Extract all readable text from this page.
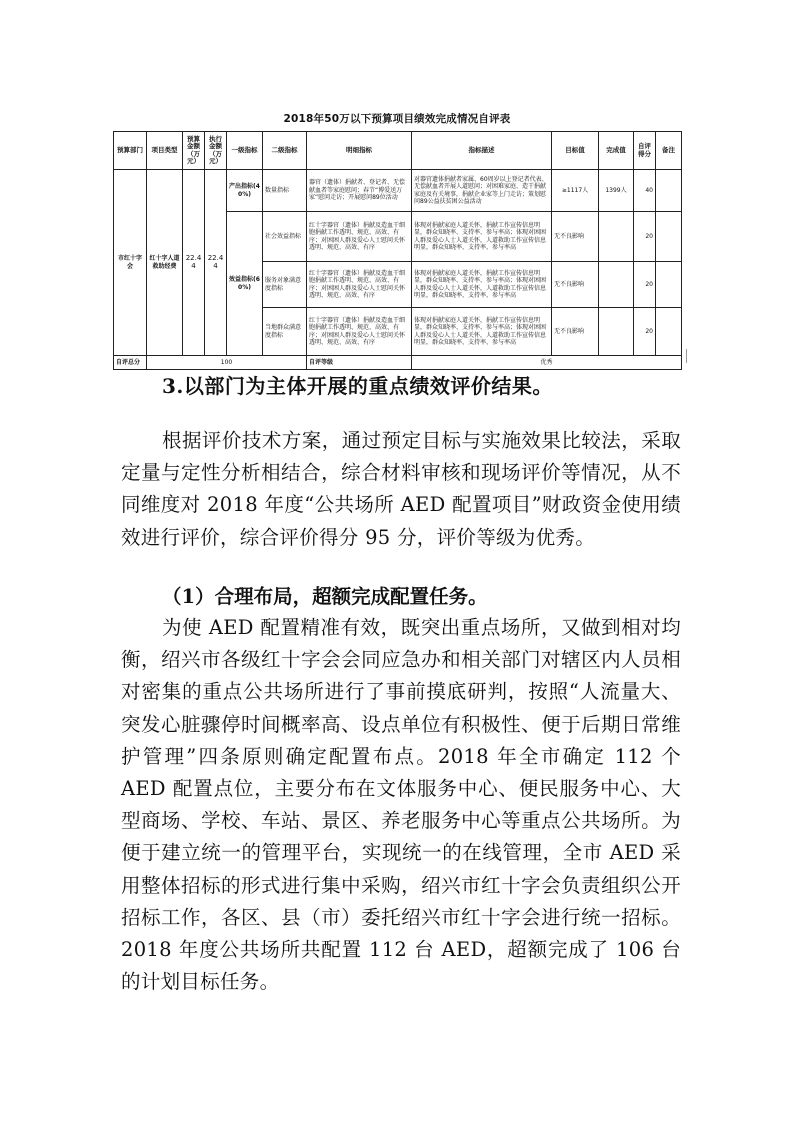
2018年50万以下预算项目绩效完成情况自评表
预算部门	项目类型	预算金额（万元）	执行金额（万元）	一级指标	二级指标	明细指标	指标描述	目标值	完成值	自评得分	备注
市红十字会	红十字人道救助经费	22.44	22.44	产出指标(40%)	数量指标	器官（遗体）捐献者、登记者、无偿献血者等家庭慰问；春节“博爱送万家”慰问走访；开展慰问89位活动	对器官遗体捐献者家属、60周岁以上登记者代表、无偿献血者开展人道慰问；对困难家庭、造干捐献家庭及有关境事，捐献企业家等上门走访；策划慰问89公益扶贫困公益活动	≥1117人	1399人	40	
				效益指标(60%)	社会效益指标	红十字器官（遗体）捐献及造血干细胞捐献工作透明、规范、高效、有序；对困困人群及爱心人士慰问关怀透明、规范、高效、有序	体现对捐献家庭人道关怀，捐献工作宣传信息明显，群众知晓率、支持率、参与率高；体现对困困人群及爱心人士人道关怀，人道救助工作宣传信息明显，群众知晓率、支持率、参与率高	无不良影响		20	
					服务对象满意度指标	红十字器官（遗体）捐献及造血干细胞捐献工作透明、规范、高效、有序；对困困人群及爱心人士慰问关怀透明、规范、高效、有序	体现对捐献家庭人道关怀，捐献工作宣传信息明显，群众知晓率、支持率、参与率高；体现对困困人群及爱心人士人道关怀，人道救助工作宣传信息明显，群众知晓率、支持率、参与率高	无不良影响		20	
					当地群众满意度指标	红十字器官（遗体）捐献及造血干细胞捐献工作透明、规范、高效、有序；对困困人群及爱心人士慰问关怀透明、规范、高效、有序	体现对捐献家庭人道关怀，捐献工作宣传信息明显，群众知晓率、支持率、参与率高；体现对困困人群及爱心人士人道关怀，人道救助工作宣传信息明显，群众知晓率、支持率、参与率高	无不良影响		20	
自评总分	100					自评等级	优秀				
3.以部门为主体开展的重点绩效评价结果。
根据评价技术方案，通过预定目标与实施效果比较法，采取定量与定性分析相结合，综合材料审核和现场评价等情况，从不同维度对 2018 年度“公共场所 AED 配置项目”财政资金使用绩效进行评价，综合评价得分 95 分，评价等级为优秀。
（1）合理布局，超额完成配置任务。
为使 AED 配置精准有效，既突出重点场所，又做到相对均衡，绍兴市各级红十字会会同应急办和相关部门对辖区内人员相对密集的重点公共场所进行了事前摸底研判，按照“人流量大、突发心脏骤停时间概率高、设点单位有积极性、便于后期日常维护管理”四条原则确定配置布点。2018 年全市确定 112 个 AED 配置点位，主要分布在文体服务中心、便民服务中心、大型商场、学校、车站、景区、养老服务中心等重点公共场所。为便于建立统一的管理平台，实现统一的在线管理，全市 AED 采用整体招标的形式进行集中采购，绍兴市红十字会负责组织公开招标工作，各区、县（市）委托绍兴市红十字会进行统一招标。2018 年度公共场所共配置 112 台 AED，超额完成了 106 台的计划目标任务。
